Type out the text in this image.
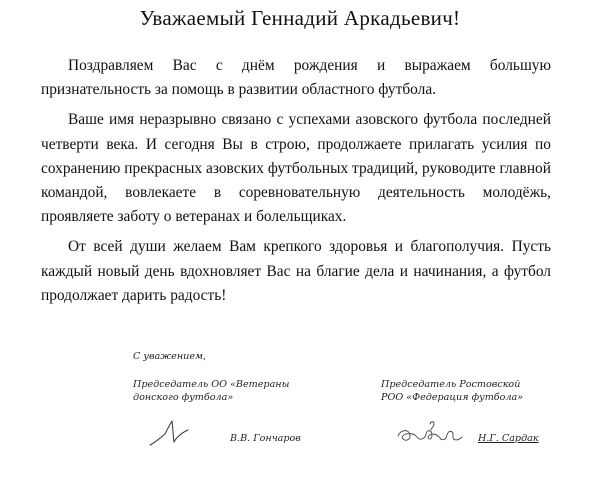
Уважаемый Геннадий Аркадьевич!

Поздравляем Вас с днём рождения и выражаем большую признательность за помощь в развитии областного футбола.

Ваше имя неразрывно связано с успехами азовского футбола последней четверти века. И сегодня Вы в строю, продолжаете прилагать усилия по сохранению прекрасных азовских футбольных традиций, руководите главной командой, вовлекаете в соревновательную деятельность молодёжь, проявляете заботу о ветеранах и болельщиках.

От всей души желаем Вам крепкого здоровья и благополучия. Пусть каждый новый день вдохновляет Вас на благие дела и начинания, а футбол продолжает дарить радость!

С уважением,
Председатель ОО «Ветераны
донского футбола»
Председатель Ростовской
РОО «Федерация футбола»
В.В. Гончаров	Н.Г. Сардак
